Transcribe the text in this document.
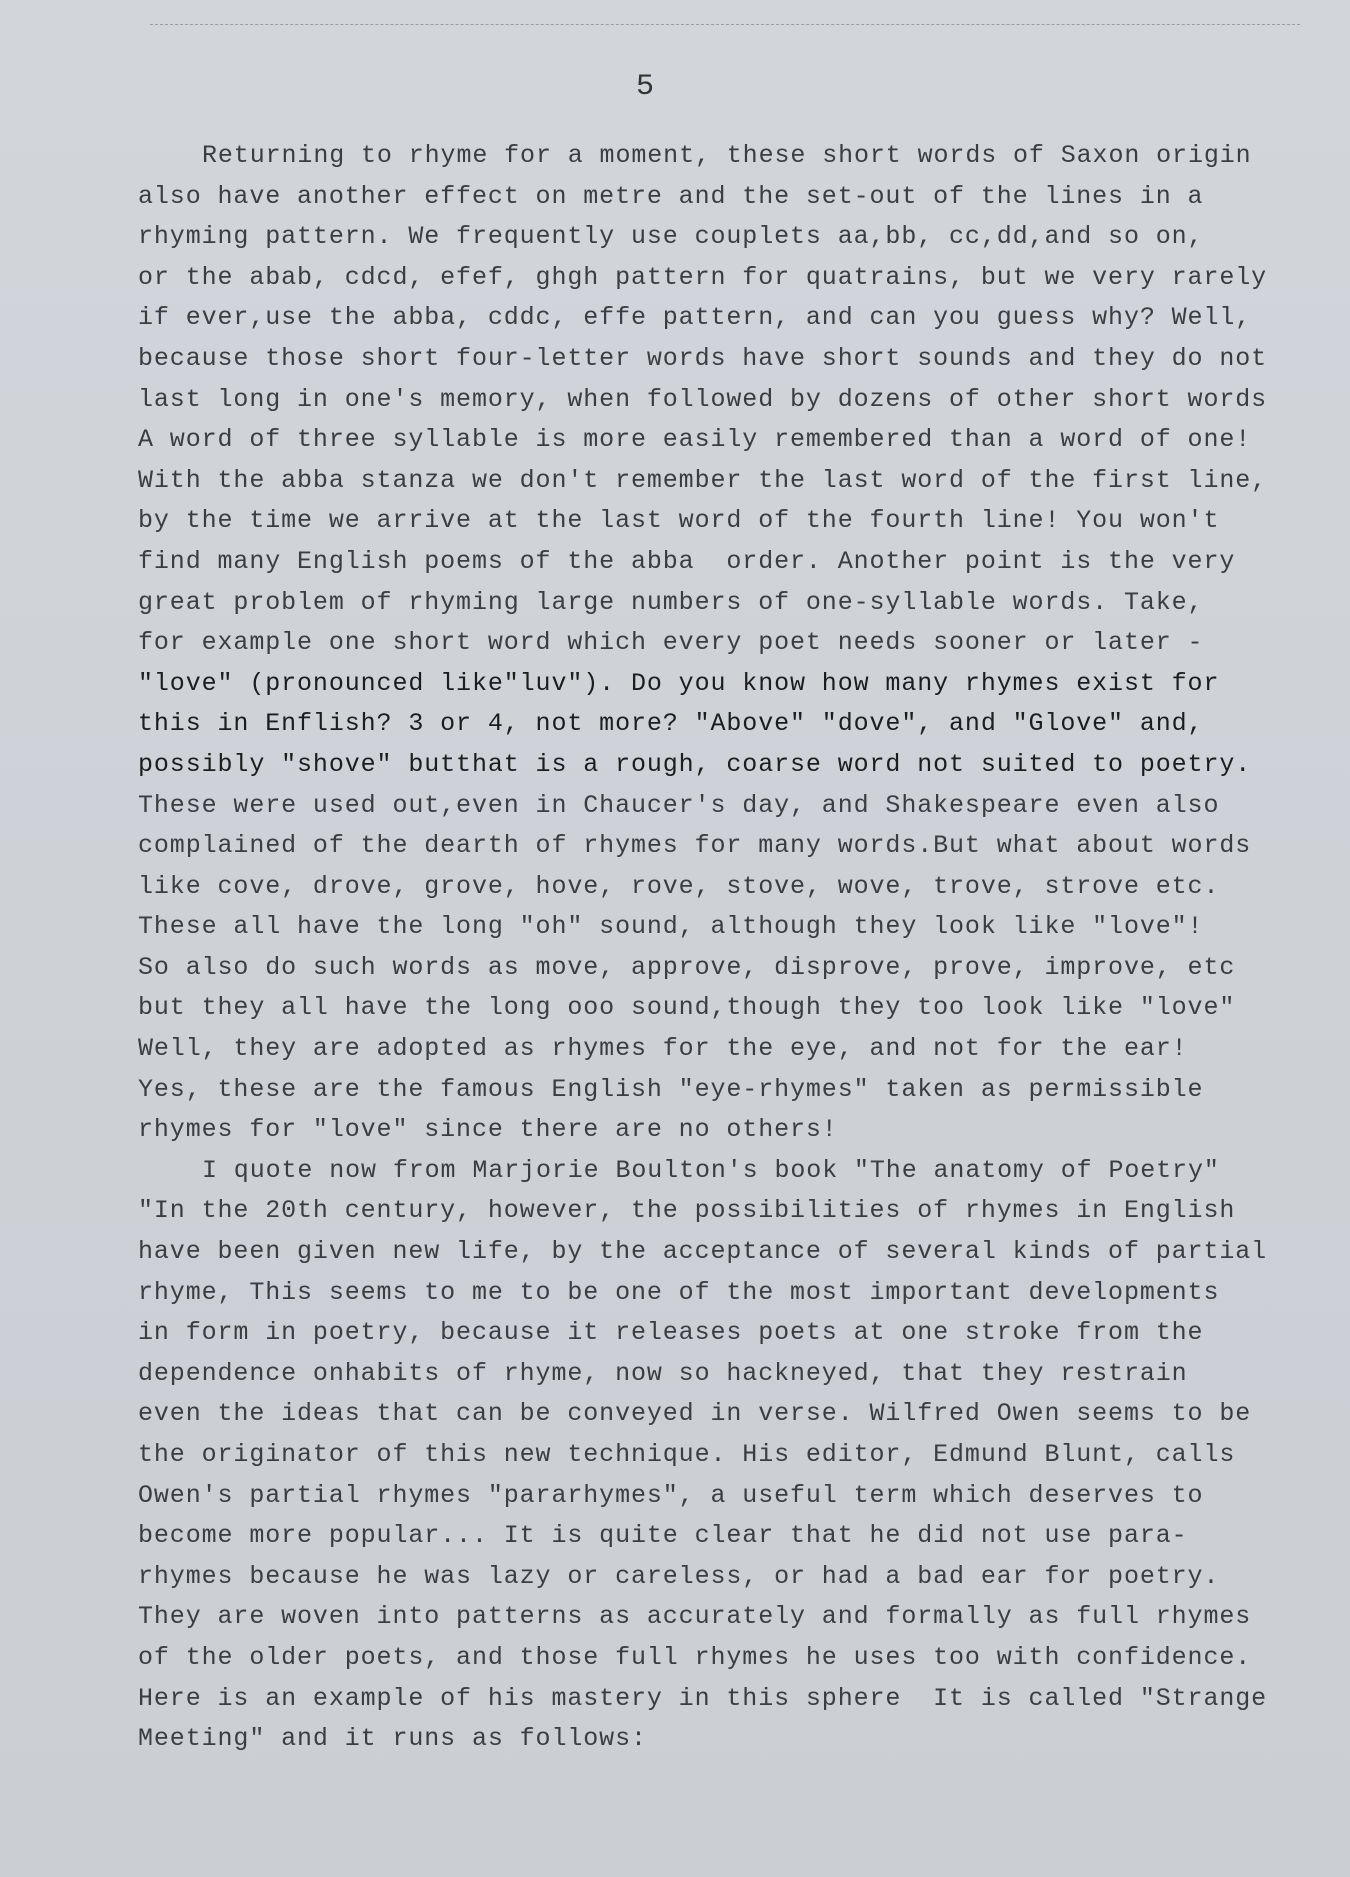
5
Returning to rhyme for a moment, these short words of Saxon origin
also have another effect on metre and the set-out of the lines in a
rhyming pattern. We frequently use couplets aa,bb, cc,dd,and so on,
or the abab, cdcd, efef, ghgh pattern for quatrains, but we very rarely
if ever,use the abba, cddc, effe pattern, and can you guess why? Well,
because those short four-letter words have short sounds and they do not
last long in one's memory, when followed by dozens of other short words
A word of three syllable is more easily remembered than a word of one!
With the abba stanza we don't remember the last word of the first line,
by the time we arrive at the last word of the fourth line! You won't
find many English poems of the abba  order. Another point is the very
great problem of rhyming large numbers of one-syllable words. Take,
for example one short word which every poet needs sooner or later -
"love" (pronounced like"luv"). Do you know how many rhymes exist for
this in Enflish? 3 or 4, not more? "Above" "dove", and "Glove" and,
possibly "shove" butthat is a rough, coarse word not suited to poetry.
These were used out,even in Chaucer's day, and Shakespeare even also
complained of the dearth of rhymes for many words.But what about words
like cove, drove, grove, hove, rove, stove, wove, trove, strove etc.
These all have the long "oh" sound, although they look like "love"!
So also do such words as move, approve, disprove, prove, improve, etc
but they all have the long ooo sound,though they too look like "love"
Well, they are adopted as rhymes for the eye, and not for the ear!
Yes, these are the famous English "eye-rhymes" taken as permissible
rhymes for "love" since there are no others!
I quote now from Marjorie Boulton's book "The anatomy of Poetry"
"In the 20th century, however, the possibilities of rhymes in English
have been given new life, by the acceptance of several kinds of partial
rhyme, This seems to me to be one of the most important developments
in form in poetry, because it releases poets at one stroke from the
dependence onhabits of rhyme, now so hackneyed, that they restrain
even the ideas that can be conveyed in verse. Wilfred Owen seems to be
the originator of this new technique. His editor, Edmund Blunt, calls
Owen's partial rhymes "pararhymes", a useful term which deserves to
become more popular... It is quite clear that he did not use para-
rhymes because he was lazy or careless, or had a bad ear for poetry.
They are woven into patterns as accurately and formally as full rhymes
of the older poets, and those full rhymes he uses too with confidence.
Here is an example of his mastery in this sphere  It is called "Strange
Meeting" and it runs as follows:
